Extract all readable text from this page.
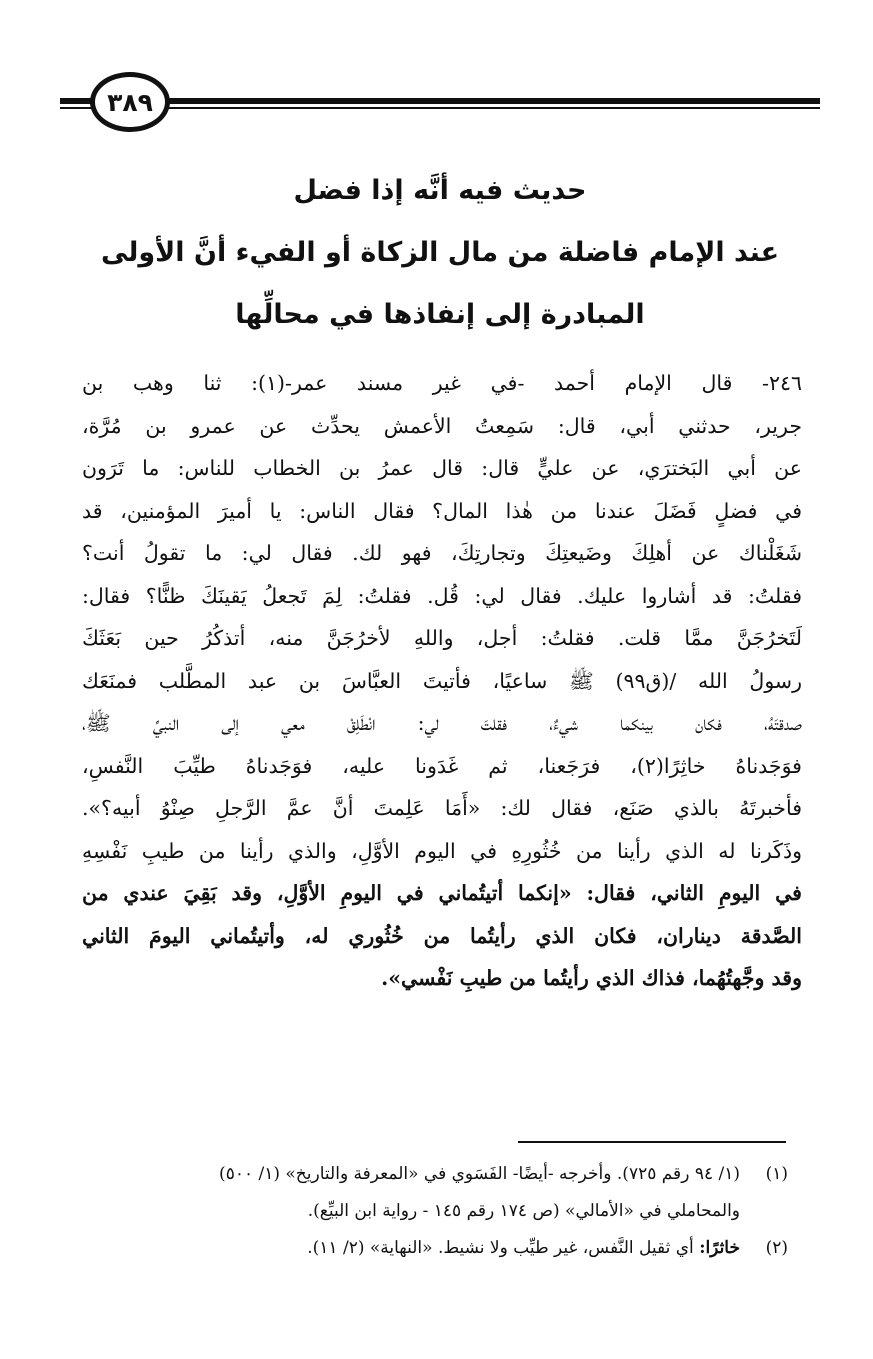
٣٨٩
حديث فيه أنَّه إذا فضل
عند الإمام فاضلة من مال الزكاة أو الفيء أنَّ الأولى
المبادرة إلى إنفاذها في محالِّها
٢٤٦- قال الإمام أحمد -في غير مسند عمر-(١): ثنا وهب بن
جرير، حدثني أبي، قال: سَمِعتُ الأعمش يحدِّث عن عمرو بن مُرَّة،
عن أبي البَخترَي، عن عليٍّ قال: قال عمرُ بن الخطاب للناس: ما تَرَون
في فضلٍ فَضَلَ عندنا من هٰذا المال؟ فقال الناس: يا أميرَ المؤمنين، قد
شَغَلْناك عن أهلِكَ وضَيعتِكَ وتجارتِكَ، فهو لك. فقال لي: ما تقولُ أنت؟
فقلتُ: قد أشاروا عليك. فقال لي: قُل. فقلتُ: لِمَ تَجعلُ يَقينَكَ ظنًّا؟ فقال:
لَتَخرُجَنَّ ممَّا قلت. فقلتُ: أجل، واللهِ لأخرُجَنَّ منه، أتذكُرُ حين بَعَثَكَ
رسولُ الله /(ق٩٩) ﷺ ساعيًا، فأتيتَ العبَّاسَ بن عبد المطَّلب فمنَعَك
صدقتَهُ، فكان بينكما شيءٌ، فقلتَ لي: انْطَلِقْ معي إلى النبيِّ ﷺ،
فوَجَدناهُ خاثِرًا(٢)، فرَجَعنا، ثم غَدَونا عليه، فوَجَدناهُ طيِّبَ النَّفسِ،
فأخبرتَهُ بالذي صَنَع، فقال لك: «أَمَا عَلِمتَ أنَّ عمَّ الرَّجلِ صِنْوُ أبيه؟».
وذَكَرنا له الذي رأينا من خُثُورِهِ في اليوم الأوَّلِ، والذي رأينا من طيبِ نَفْسِهِ
في اليومِ الثاني، فقال: «إنكما أتيتُماني في اليومِ الأوَّلِ، وقد بَقِيَ عندي من
الصَّدقة ديناران، فكان الذي رأيتُما من خُثُوري له، وأتيتُماني اليومَ الثاني
وقد وجَّهتُهُما، فذاك الذي رأيتُما من طيبِ نَفْسي».
(١)(١/ ٩٤ رقم ٧٢٥). وأخرجه -أيضًا- الفَسَوي في «المعرفة والتاريخ» (١/ ٥٠٠)
والمحاملي في «الأمالي» (ص ١٧٤ رقم ١٤٥ - رواية ابن البيِّع).
(٢)خاثرًا: أي ثقيل النَّفس، غير طيِّب ولا نشيط. «النهاية» (٢/ ١١).
